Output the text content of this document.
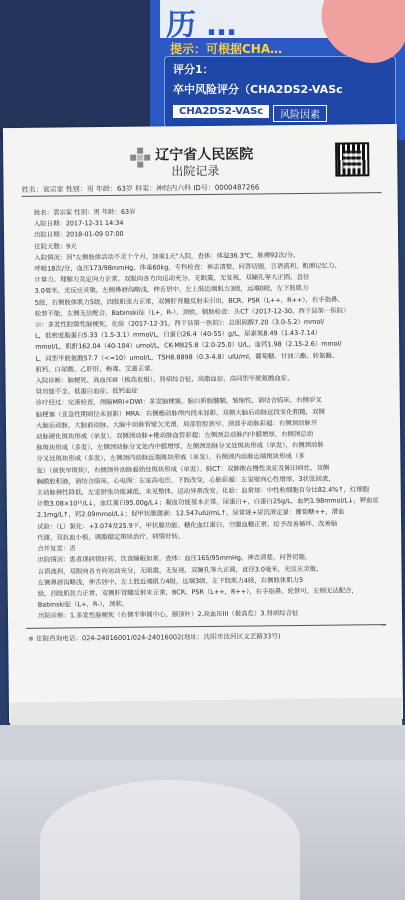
历 …
提示：可根据CHA…
评分1：
卒中风险评分（CHA2DS2-VASc
CHA2DS2-VASc	风险因素
辽宁省人民医院
出院记录
姓名：袁宗家 性别：男 年龄：63岁 科室：神经内六科 ID号：0000487266

姓名：袁宗家 性别：男 年龄：63岁

入院日期：2017-12-31 14:34

出院日期：2018-01-09 07:00

住院天数：9天

入院情况：因"左侧肢体活动不灵十个月，加重1天"入院。查体：体温36.3℃，脉搏92次/分，

呼吸18次/分，血压173/98mmHg，体重60kg，专科检查：神志清楚，问答切题，言语流利，粗测记忆力、

计算力、理解力及定向力正常。双眼向各方向运动充分，无眼震，无复视，双瞳孔等大正圆，直径

3.0毫米，光反应灵敏，左侧鼻唇沟略浅，伸舌居中，左上肢近端肌力3级，远端0级，左下肢肌力

5级，右侧肢体肌力5级，四肢肌张力正常，双侧肝肾腱反射未引出，BCR、PSR（L++，R++），右手指鼻、

轮替不能，左侧无法配合，Babinski征（L+，R-），颈软。辅助检查：头CT（2017-12-30，西干县第一医院）

示：多发性腔隙性脑梗死。化验（2017-12-31，西干县第一医院）：总胆固醇7.20（3.0-5.2）mmol/

L，低密度脂蛋白5.33（1.5-3.1）mmol/L，白蛋白26.4（40-55）g/L，尿素氮8.49（1.43-7.14）

mmol/L，肌酐162.04（40-104）umol/L，CK-MB25.8（2.0-25.0）U/L，血钙1.98（2.15-2.6）mmol/

L，同型半胱氨酸57.7（<=10）umol/L，TSH8.8898（0.3-4.8）uIU/ml，葡萄糖、甘油三酯、转氨酶、

肌钙、白尿酸、乙肝肝、梅毒、艾滋正常。

入院诊断：脑梗死、高血压III（极高危组）、肾病综合征、高脂血症、高同型半胱氨酸血症、

肾功能不全、低蛋白血症、低钙血症

诊疗经过：完善检查，颅脑MRI+DWI：多发脑梗塞，脑白质脱髓鞘，皱缩性，请结合临床，右侧岁叉

脑梗塞（亚急性期病位未显影）MRA：右侧椎动脉颅内段未显影，双侧大脑后动脉近段变化粗糙，双侧

大脑后动脉，大脑前动脉，大脑中动脉管壁欠光滑，局部管腔狭窄。颈部手动脉彩超：右侧颈动脉开

动脉硬化斑块形成（单发），双侧颈动脉+椎动脉血管彩超：左侧颈总动脉内中膜增厚，右侧颈总动

脉斑块形成（多发），左侧颈动脉分叉处内中膜增厚，左侧颈动脉分叉处斑块形成（单发），右侧颈动脉

分叉处斑块形成（多发），左侧颈内动脉近端斑块形成（单发），右侧颈内动脉近端斑块形成（多

发）（前狭窄斑块），右侧颈外动脉起始处斑块形成（单发）。肺CT：双肺散在慢性炎症及陈旧病灶，双侧

胸膜腔积液，请结合临床，心电图：左室高电压。下肢改变，心脏彩超：左室壁向心性增厚，3状弦回流，

主动脉弹性降低，左室舒张功能减低，未见整体，运动异常改变。化验：血常规：中性粒细胞百分比82.4%↑，红细胞

计数3.08×10¹²/L↓，血红蛋白95.00g/L↓；凝血功能基本正常。尿蛋白+，白蛋白25g/L，血钙1.98mmol/L↓，钾血症

2.1mg/L↑，钙2.09mmol/L↓；促甲状腺激素：12.547uIU/mL↑，尿常规+尿沉渣定量：葡萄糖++，潜血

试验：（L）氯化：+3.074及25.9下，甲状腺功能、糖化血红蛋白、空腹血糖正常。给予改善循环、改善脑

代谢，双抗血小板，调脂稳定斑块治疗，病情好转。

合并复发：否

出院情况：患者现病情好转，饮食睡眠如常。查体：血压165/95mmHg，神志清楚，问答切题，

言语流利，双眼向各方向运动充分，无眼震，无复视，双瞳孔等大正圆，直径3.0毫米，光反应灵敏，

左侧鼻唇沟略浅，伸舌居中，左上肢近端肌力4级，远端3级，左下肢肌力4级，右侧肢体肌力5

级，四肢肌张力正常，双侧肝肾腱反射未正常，BCR、PSR（L++，R++），右手指鼻、轮替可，左侧无法配合，

Babinski征（L+，R-），颈软。

出院诊断：1.多发性脑梗死（右侧半卵圆中心，额顶叶）2.高血压III（极高危）3.肾病综合征

※ 住院咨询电话：024-24016001/024-24016002(地址：沈阳市沈河区文艺路33号)
